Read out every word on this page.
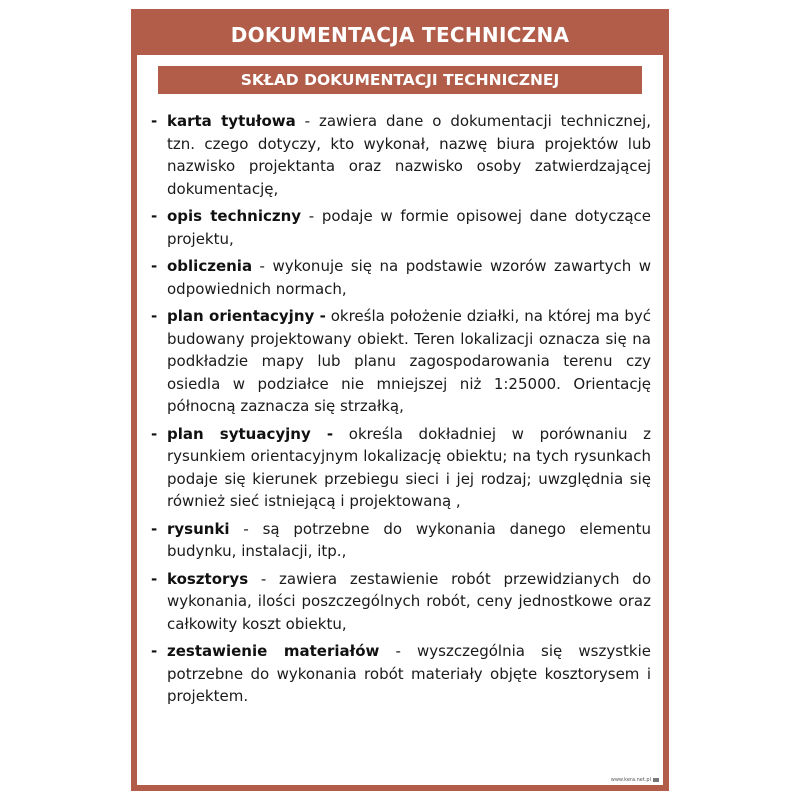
DOKUMENTACJA TECHNICZNA
SKŁAD DOKUMENTACJI TECHNICZNEJ
- karta tytułowa - zawiera dane o dokumentacji technicznej, tzn. czego dotyczy, kto wykonał, nazwę biura projektów lub nazwisko projektanta oraz nazwisko osoby zatwierdzającej dokumentację,
- opis techniczny - podaje w formie opisowej dane dotyczące projektu,
- obliczenia - wykonuje się na podstawie wzorów zawartych w odpowiednich normach,
- plan orientacyjny - określa położenie działki, na której ma być budowany projektowany obiekt. Teren lokalizacji oznacza się na podkładzie mapy lub planu zagospodarowania terenu czy osiedla w podziałce nie mniejszej niż 1:25000. Orientację północną zaznacza się strzałką,
- plan sytuacyjny - określa dokładniej w porównaniu z rysunkiem orientacyjnym lokalizację obiektu; na tych rysunkach podaje się kierunek przebiegu sieci i jej rodzaj; uwzględnia się również sieć istniejącą i projektowaną ,
- rysunki - są potrzebne do wykonania danego elementu budynku, instalacji, itp.,
- kosztorys - zawiera zestawienie robót przewidzianych do wykonania, ilości poszczególnych robót, ceny jednostkowe oraz całkowity koszt obiektu,
- zestawienie materiałów - wyszczególnia się wszystkie potrzebne do wykonania robót materiały objęte kosztorysem i projektem.
www.kera.net.pl
